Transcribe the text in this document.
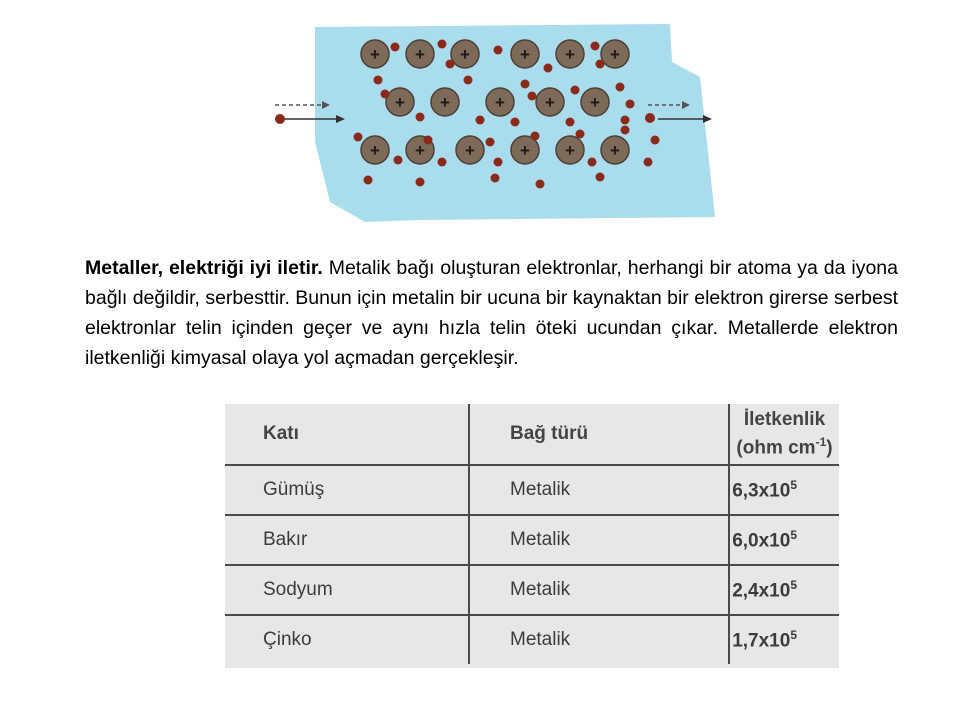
+ + +	+ + +
+ +	+ + +
+ + +	+ + +

Metaller, elektriği iyi iletir. Metalik bağı oluşturan elektronlar, herhangi bir atoma ya da iyona bağlı değildir, serbesttir. Bunun için metalin bir ucuna bir kaynaktan bir elektron girerse serbest elektronlar telin içinden geçer ve aynı hızla telin öteki ucundan çıkar. Metallerde elektron iletkenliği kimyasal olaya yol açmadan gerçekleşir.

Katı	Bağ türü	İletkenlik
(ohm $cm^{-1}$)
Gümüş	Metalik	$6,3x10^5$
Bakır	Metalik	$6,0x10^5$
Sodyum	Metalik	$2,4x10^5$
Çinko	Metalik	$1,7x10^5$
